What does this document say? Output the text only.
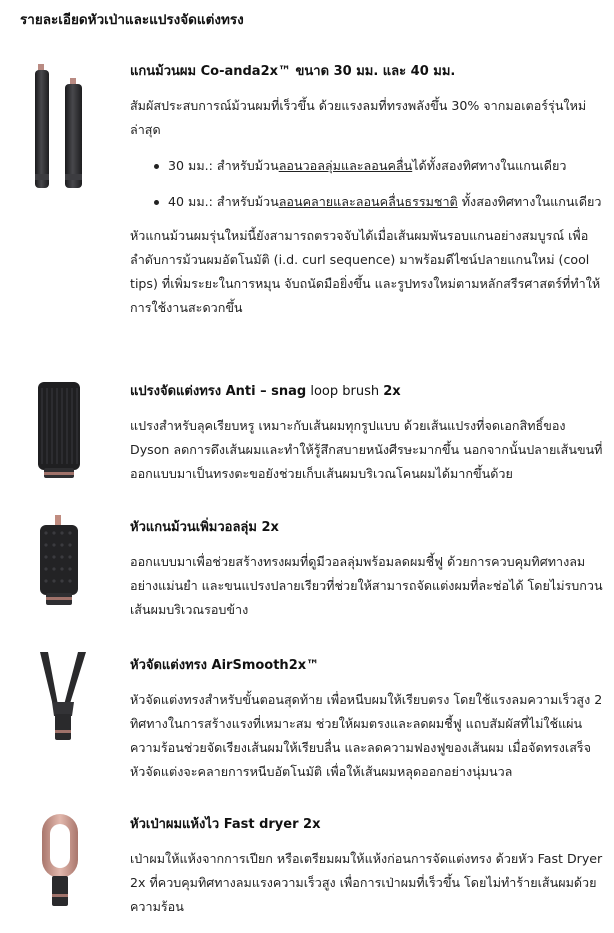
รายละเอียดหัวเป่าและแปรงจัดแต่งทรง

แกนม้วนผม Co-anda2x™ ขนาด 30 มม. และ 40 มม.

สัมผัสประสบการณ์ม้วนผมที่เร็วขึ้น ด้วยแรงลมที่ทรงพลังขึ้น 30% จากมอเตอร์รุ่นใหม่ล่าสุด

30 มม.: สำหรับม้วนลอนวอลลุ่มและลอนคลื่นได้ทั้งสองทิศทางในแกนเดียว
40 มม.: สำหรับม้วนลอนคลายและลอนคลื่นธรรมชาติ ทั้งสองทิศทางในแกนเดียว

หัวแกนม้วนผมรุ่นใหม่นี้ยังสามารถตรวจจับได้เมื่อเส้นผมพันรอบแกนอย่างสมบูรณ์ เพื่อลำดับการม้วนผมอัตโนมัติ (i.d. curl sequence) มาพร้อมดีไซน์ปลายแกนใหม่ (cool tips) ที่เพิ่มระยะในการหมุน จับถนัดมือยิ่งขึ้น และรูปทรงใหม่ตามหลักสรีรศาสตร์ที่ทำให้การใช้งานสะดวกขึ้น

แปรงจัดแต่งทรง Anti – snag loop brush 2x

แปรงสำหรับลุคเรียบหรู เหมาะกับเส้นผมทุกรูปแบบ ด้วยเส้นแปรงที่จดเอกสิทธิ์ของ Dyson ลดการดึงเส้นผมและทำให้รู้สึกสบายหนังศีรษะมากขึ้น นอกจากนั้นปลายเส้นขนที่ออกแบบมาเป็นทรงตะขอยังช่วยเก็บเส้นผมบริเวณโคนผมได้มากขึ้นด้วย

หัวแกนม้วนเพิ่มวอลลุ่ม 2x

ออกแบบมาเพื่อช่วยสร้างทรงผมที่ดูมีวอลลุ่มพร้อมลดผมชี้ฟู ด้วยการควบคุมทิศทางลมอย่างแม่นยำ และขนแปรงปลายเรียวที่ช่วยให้สามารถจัดแต่งผมที่ละช่อได้ โดยไม่รบกวนเส้นผมบริเวณรอบข้าง

หัวจัดแต่งทรง AirSmooth2x™

หัวจัดแต่งทรงสำหรับขั้นตอนสุดท้าย เพื่อหนีบผมให้เรียบตรง โดยใช้แรงลมความเร็วสูง 2 ทิศทางในการสร้างแรงที่เหมาะสม ช่วยให้ผมตรงและลดผมชี้ฟู แถบสัมผัสที่ไม่ใช้แผ่นความร้อนช่วยจัดเรียงเส้นผมให้เรียบลื่น และลดความฟองฟูของเส้นผม เมื่อจัดทรงเสร็จ หัวจัดแต่งจะคลายการหนีบอัตโนมัติ เพื่อให้เส้นผมหลุดออกอย่างนุ่มนวล

หัวเป่าผมแห้งไว Fast dryer 2x

เป่าผมให้แห้งจากการเปียก หรือเตรียมผมให้แห้งก่อนการจัดแต่งทรง ด้วยหัว Fast Dryer 2x ที่ควบคุมทิศทางลมแรงความเร็วสูง เพื่อการเป่าผมที่เร็วขึ้น โดยไม่ทำร้ายเส้นผมด้วยความร้อน
